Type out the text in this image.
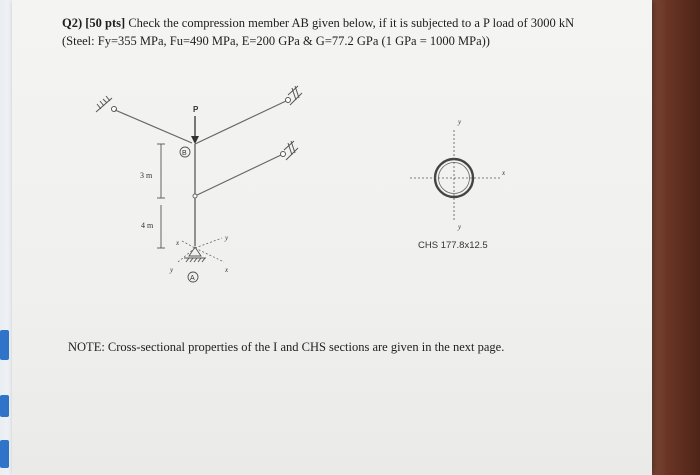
Q2) [50 pts] Check the compression member AB given below, if it is subjected to a P load of 3000 kN
(Steel: Fy=355 MPa, Fu=490 MPa, E=200 GPa & G=77.2 GPa (1 GPa = 1000 MPa))
P
B
3 m
4 m
y
x
y	x
A
y
y
x
CHS 177.8x12.5
NOTE: Cross-sectional properties of the I and CHS sections are given in the next page.
